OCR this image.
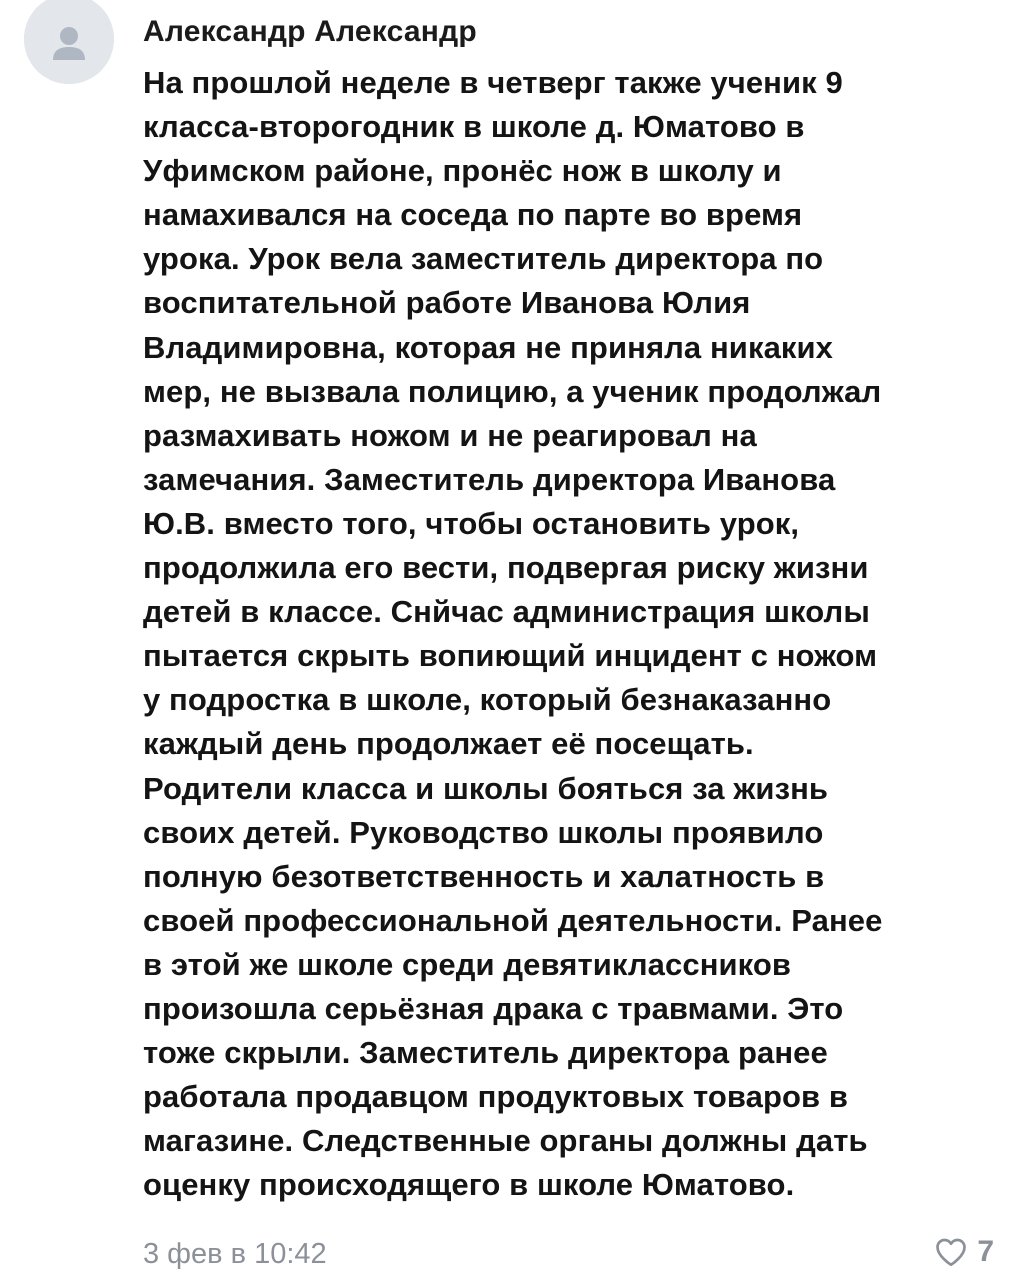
Александр Александр

На прошлой неделе в четверг также ученик 9
класса-второгодник в школе д. Юматово в
Уфимском районе, пронёс нож в школу и
намахивался на соседа по парте во время
урока. Урок вела заместитель директора по
воспитательной работе Иванова Юлия
Владимировна, которая не приняла никаких
мер, не вызвала полицию, а ученик продолжал
размахивать ножом и не реагировал на
замечания. Заместитель директора Иванова
Ю.В. вместо того, чтобы остановить урок,
продолжила его вести, подвергая риску жизни
детей в классе. Снйчас администрация школы
пытается скрыть вопиющий инцидент с ножом
у подростка в школе, который безнаказанно
каждый день продолжает её посещать.
Родители класса и школы бояться за жизнь
своих детей. Руководство школы проявило
полную безответственность и халатность в
своей профессиональной деятельности. Ранее
в этой же школе среди девятиклассников
произошла серьёзная драка с травмами. Это
тоже скрыли. Заместитель директора ранее
работала продавцом продуктовых товаров в
магазине. Следственные органы должны дать
оценку происходящего в школе Юматово.

3 фев в 10:42	7
